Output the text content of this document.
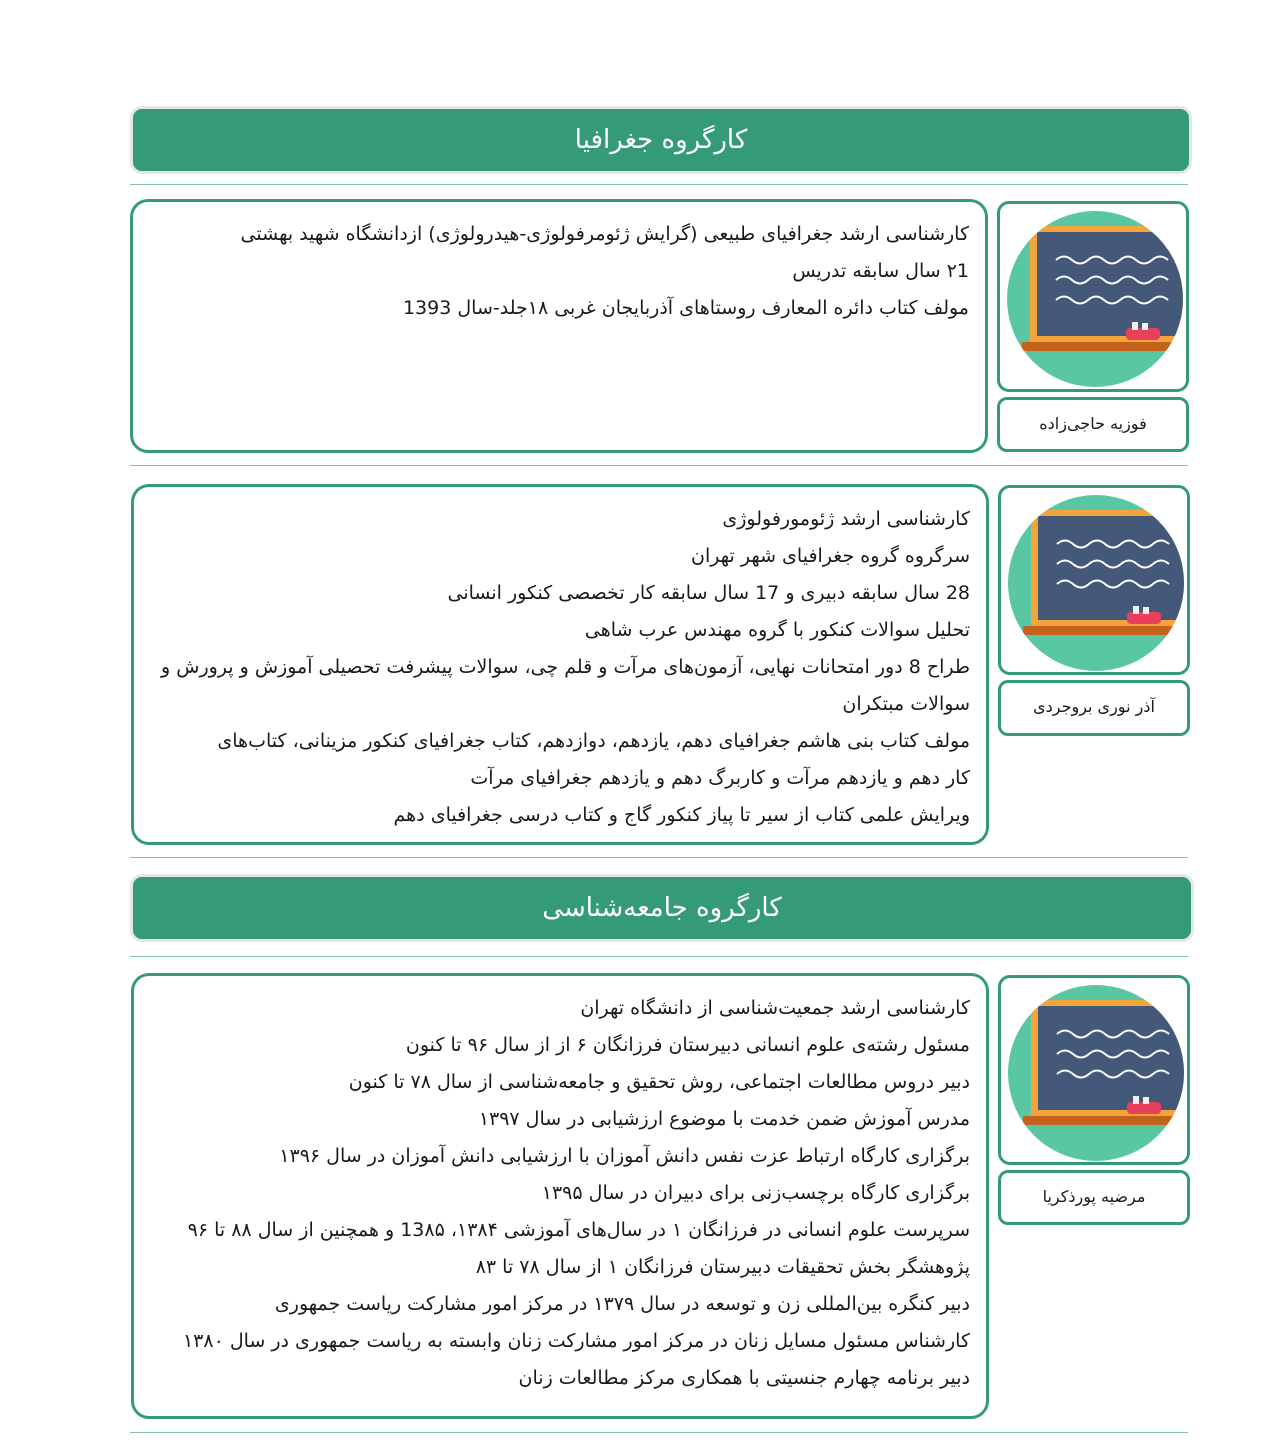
کارگروه جغرافیا
کارشناسی ارشد جغرافیای طبیعی (گرایش ژئومرفولوژی-هیدرولوژی) ازدانشگاه شهید بهشتی
۲1 سال سابقه تدریس
مولف کتاب دائره المعارف روستاهای آذربایجان غربی ۱۸جلد-سال 1393
فوزیه حاجی‌زاده
کارشناسی ارشد ژئومورفولوژی
سرگروه گروه جغرافیای شهر تهران
28 سال سابقه دبیری و 17 سال سابقه کار تخصصی کنکور انسانی
تحلیل سوالات کنکور با گروه مهندس عرب شاهی
طراح 8 دور امتحانات نهایی، آزمون‌های مرآت و قلم چی، سوالات پیشرفت تحصیلی آموزش و پرورش و سوالات مبتکران
مولف کتاب بنی هاشم جغرافیای دهم، یازدهم، دوازدهم، کتاب جغرافیای کنکور مزینانی، کتاب‌های
کار دهم و یازدهم مرآت و کاربرگ دهم و یازدهم جغرافیای مرآت
ویرایش علمی کتاب از سیر تا پیاز کنکور گاج و کتاب درسی جغرافیای دهم
آذر نوری بروجردی
کارگروه جامعه‌شناسی
کارشناسی ارشد جمعیت‌شناسی از دانشگاه تهران
مسئول رشته‌ی علوم انسانی دبیرستان فرزانگان ۶ از از سال ۹۶ تا کنون
دبیر دروس مطالعات اجتماعی، روش تحقیق و جامعه‌شناسی از سال ۷۸ تا کنون
مدرس آموزش ضمن خدمت با موضوع ارزشیابی در سال ۱۳۹۷
برگزاری کارگاه ارتباط عزت نفس دانش آموزان با ارزشیابی دانش آموزان در سال ۱۳۹۶
برگزاری کارگاه برچسب‌زنی برای دبیران در سال ۱۳۹۵
سرپرست علوم انسانی در فرزانگان ۱ در سال‌های آموزشی ۱۳۸۴، 13۸۵ و همچنین از سال ۸۸ تا ۹۶
پژوهشگر بخش تحقیقات دبیرستان فرزانگان ۱ از سال ۷۸ تا ۸۳
دبیر کنگره بین‌المللی زن و توسعه در سال ۱۳۷۹ در مرکز امور مشارکت ریاست جمهوری
کارشناس مسئول مسایل زنان در مرکز امور مشارکت زنان وابسته به ریاست جمهوری در سال ۱۳۸۰
دبیر برنامه چهارم جنسیتی با همکاری مرکز مطالعات زنان
مرضیه پورذکریا
